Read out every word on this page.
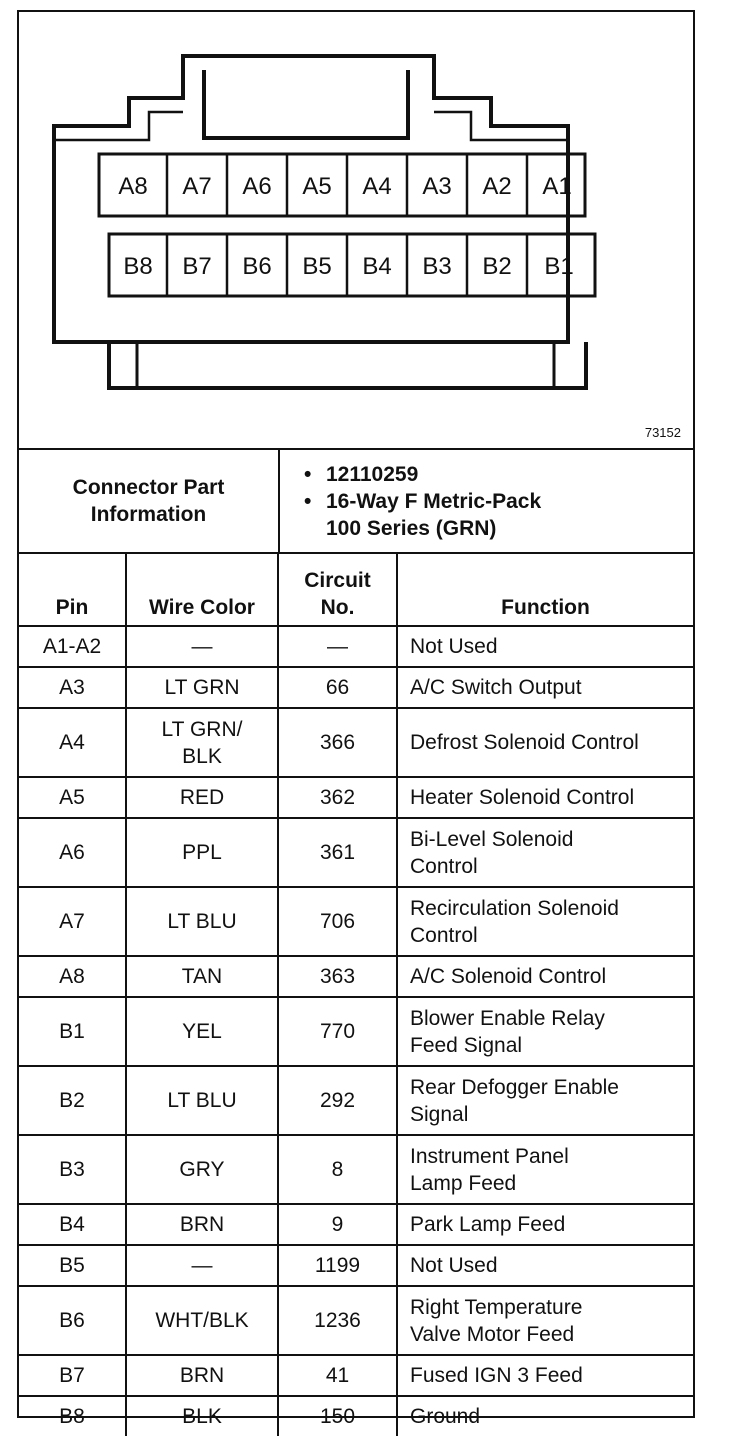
A8 A7 A6 A5 A4 A3 A2 A1
B8 B7 B6 B5 B4 B3 B2 B1
73152
Connector Part Information	
• 12110259
• 16-Way F Metric-Pack
100 Series (GRN)
Pin	Wire Color	Circuit
No.	Function
A1-A2	—	—	Not Used
A3	LT GRN	66	A/C Switch Output
A4	LT GRN/
BLK	366	Defrost Solenoid Control
A5	RED	362	Heater Solenoid Control
A6	PPL	361	Bi-Level Solenoid
Control
A7	LT BLU	706	Recirculation Solenoid
Control
A8	TAN	363	A/C Solenoid Control
B1	YEL	770	Blower Enable Relay
Feed Signal
B2	LT BLU	292	Rear Defogger Enable
Signal
B3	GRY	8	Instrument Panel
Lamp Feed
B4	BRN	9	Park Lamp Feed
B5	—	1199	Not Used
B6	WHT/BLK	1236	Right Temperature
Valve Motor Feed
B7	BRN	41	Fused IGN 3 Feed
B8	BLK	150	Ground
